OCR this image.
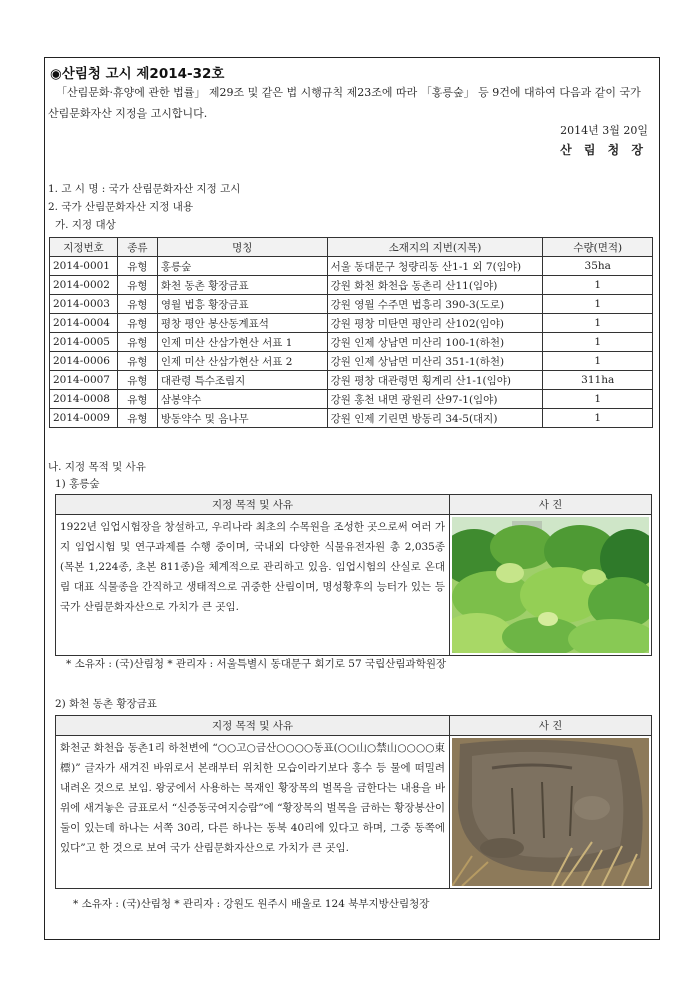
◉산림청 고시 제2014-32호
「산림문화·휴양에 관한 법률」 제29조 및 같은 법 시행규칙 제23조에 따라 「홍릉숲」 등 9건에 대하여 다음과 같이 국가 산림문화자산 지정을 고시합니다.
2014년 3월 20일
산 림 청 장
1. 고 시 명 : 국가 산림문화자산 지정 고시
2. 국가 산림문화자산 지정 내용
가. 지정 대상
지정번호	종류	명칭	소재지의 지번(지목)	수량(면적)
2014-0001	유형	홍릉숲	서울 동대문구 청량리동 산1-1 외 7(임야)	35ha
2014-0002	유형	화천 동촌 황장금표	강원 화천 화천읍 동촌리 산11(임야)	1
2014-0003	유형	영월 법흥 황장금표	강원 영월 수주면 법흥리 390-3(도로)	1
2014-0004	유형	평창 평안 봉산동계표석	강원 평창 미탄면 평안리 산102(임야)	1
2014-0005	유형	인제 미산 산삼가현산 서표 1	강원 인제 상남면 미산리 100-1(하천)	1
2014-0006	유형	인제 미산 산삼가현산 서표 2	강원 인제 상남면 미산리 351-1(하천)	1
2014-0007	유형	대관령 특수조림지	강원 평창 대관령면 횡계리 산1-1(임야)	311ha
2014-0008	유형	삼봉약수	강원 홍천 내면 광원리 산97-1(임야)	1
2014-0009	유형	방동약수 및 음나무	강원 인제 기린면 방동리 34-5(대지)	1
나. 지정 목적 및 사유
1) 홍릉숲
지정 목적 및 사유	사 진
1922년 임업시험장을 창설하고, 우리나라 최초의 수목원을 조성한 곳으로써 여러 가지 임업시험 및 연구과제를 수행 중이며, 국내외 다양한 식물유전자원 총 2,035종(목본 1,224종, 초본 811종)을 체계적으로 관리하고 있음. 임업시험의 산실로 온대림 대표 식물종을 간직하고 생태적으로 귀중한 산림이며, 명성황후의 능터가 있는 등 국가 산림문화자산으로 가치가 큰 곳임.	
* 소유자 : (국)산림청 * 관리자 : 서울특별시 동대문구 회기로 57 국립산림과학원장
2) 화천 동촌 황장금표
지정 목적 및 사유	사 진
화천군 화천읍 동촌1리 하천변에 “○○고○금산○○○○동표(○○山○禁山○○○○東標)” 글자가 새겨진 바위로서 본래부터 위치한 모습이라기보다 홍수 등 물에 떠밀려 내려온 것으로 보임. 왕궁에서 사용하는 목재인 황장목의 벌목을 금한다는 내용을 바위에 새겨놓은 금표로서 “신증동국여지승람”에 “황장목의 벌목을 금하는 황장봉산이 둘이 있는데 하나는 서쪽 30리, 다른 하나는 동북 40리에 있다고 하며, 그중 동쪽에 있다”고 한 것으로 보여 국가 산림문화자산으로 가치가 큰 곳임.	
* 소유자 : (국)산림청 * 관리자 : 강원도 원주시 배울로 124 북부지방산림청장
